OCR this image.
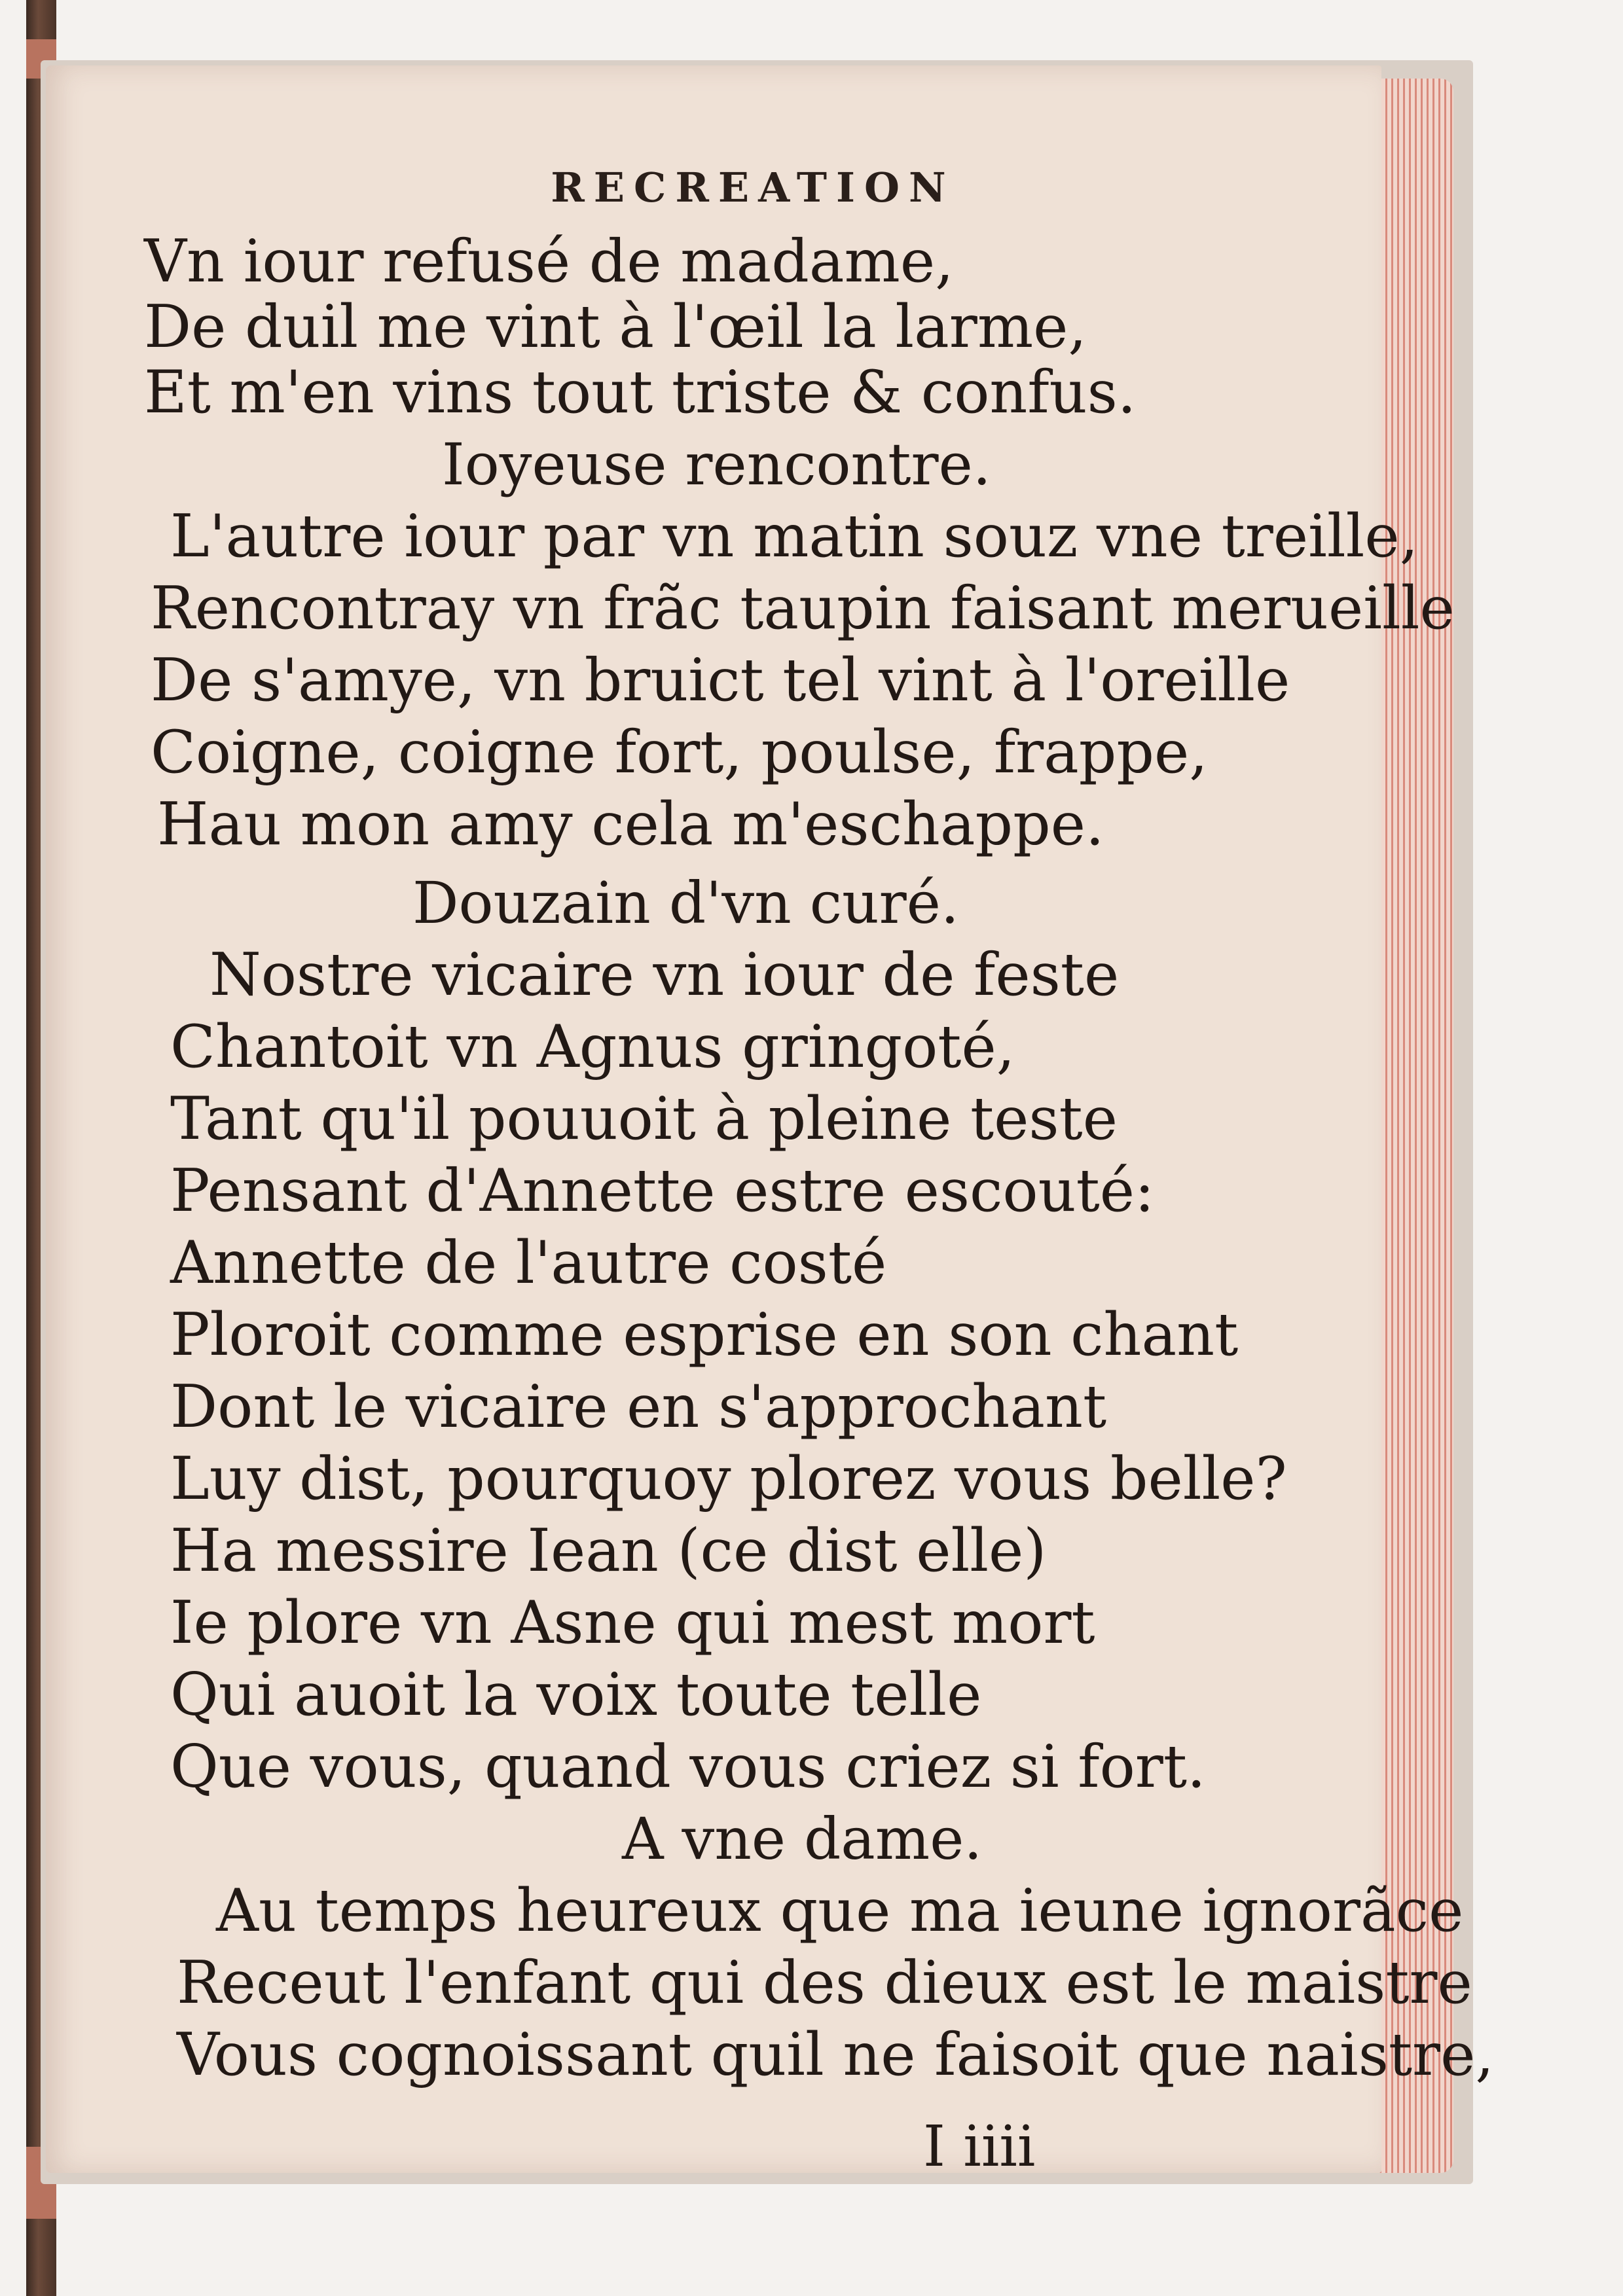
RECREATION
Vn iour refusé de madame,
De duil me vint à l'œil la larme,
Et m'en vins tout triste & confus.
Ioyeuse rencontre.
L'autre iour par vn matin souz vne treille,
Rencontray vn frãc taupin faisant merueille
De s'amye, vn bruict tel vint à l'oreille
Coigne, coigne fort, poulse, frappe,
Hau mon amy cela m'eschappe.
Douzain d'vn curé.
Nostre vicaire vn iour de feste
Chantoit vn Agnus gringoté,
Tant qu'il pouuoit à pleine teste
Pensant d'Annette estre escouté:
Annette de l'autre costé
Ploroit comme esprise en son chant
Dont le vicaire en s'approchant
Luy dist, pourquoy plorez vous belle?
Ha messire Iean (ce dist elle)
Ie plore vn Asne qui mest mort
Qui auoit la voix toute telle
Que vous, quand vous criez si fort.
A vne dame.
Au temps heureux que ma ieune ignorãce
Receut l'enfant qui des dieux est le maistre
Vous cognoissant quil ne faisoit que naistre,
I iiii
